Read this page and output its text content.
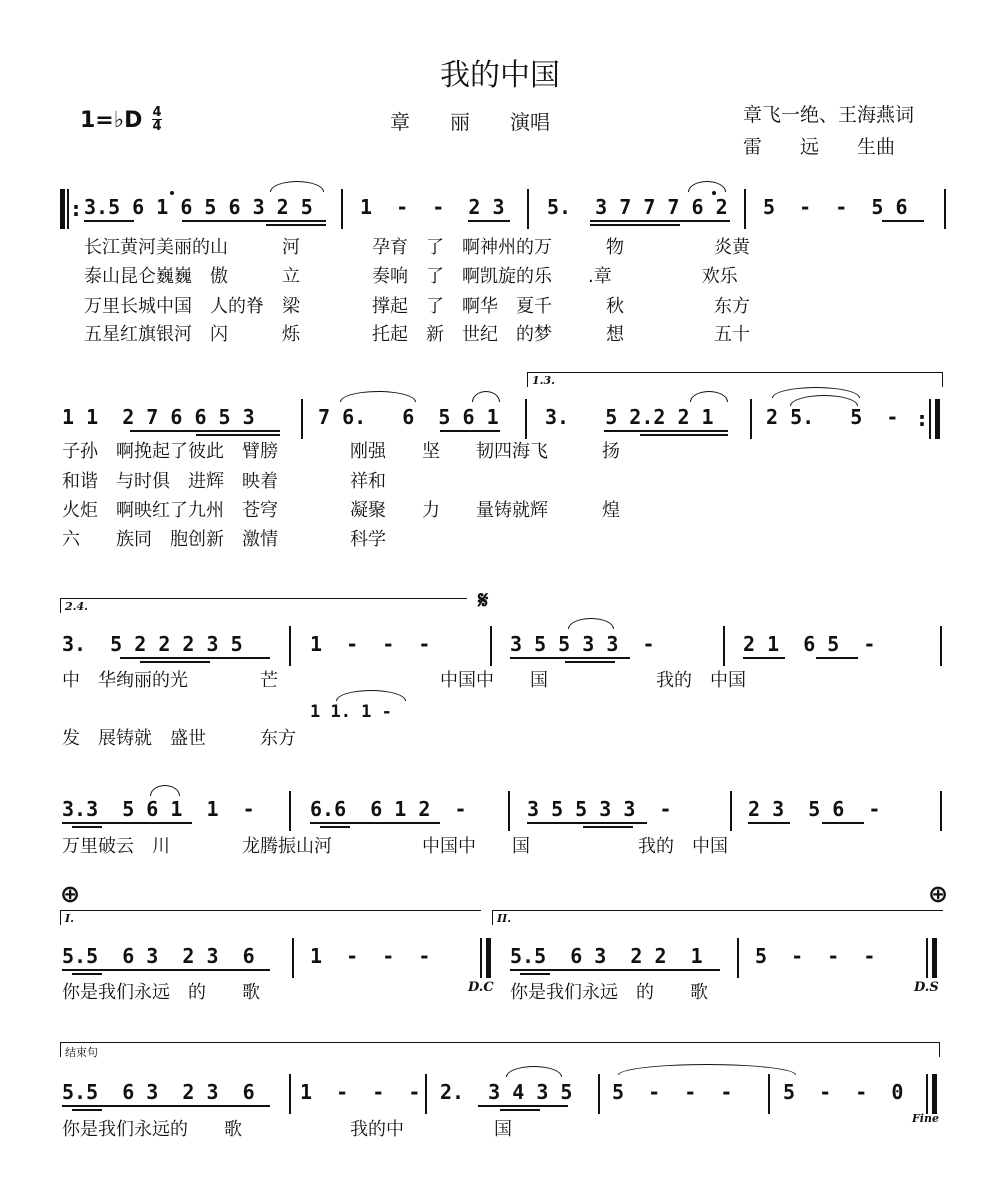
我的中国
1=♭D 4
4	章　　丽　　演唱	章飞一绝、王海燕词
雷　　远　　生曲
: 3.5 6 1 6 5 6 3 2 5 1  -  -  2 3 5.  3 7 7 7 6 2 5  -  -  5 6
长江黄河美丽的山　　　河　　　　孕育　了　啊神州的万　　　物　　　　　炎黄
泰山昆仑巍巍　傲　　　立　　　　奏响　了　啊凯旋的乐　　.章　　　　　欢乐
万里长城中国　人的脊　梁　　　　撑起　了　啊华　夏千　　　秋　　　　　东方
五星红旗银河　闪　　　烁　　　　托起　新　世纪　的梦　　　想　　　　　五十
1.3.
1 1  2 7 6 6 5 3	7 6.   6  5 6 1 3.   5 2.2 2 1	2 5.   5  - :
子孙　啊挽起了彼此　臂膀　　　　刚强　　坚　　韧四海飞　　　扬
和谐　与时俱　进辉　映着　　　　祥和
火炬　啊映红了九州　苍穹　　　　凝聚　　力　　量铸就辉　　　煌
六　　族同　胞创新　激情　　　　科学
2.4.	𝄋
3.  5 2 2 2 3 5	1  -  -  -	3 5 5 3 3  -	2 1  6 5  -
中　华绚丽的光　　　　芒　　　　　　　　　中国中　　国　　　　　　我的　中国
1 1. 1 -
发　展铸就　盛世　　　东方
3.3  5 6 1  1  -	6.6  6 1 2  -	3 5 5 3 3  -	2 3  5 6  -
万里破云　川　　　　龙腾振山河　　　　　中国中　　国　　　　　　我的　中国
⊕	⊕
I.	II.
5.5  6 3  2 3  6	1  -  -  -	5.5  6 3  2 2  1	5  -  -  -
D.C	D.S
你是我们永远　的　　歌	你是我们永远　的　　歌
结束句
5.5  6 3  2 3  6 1  -  -  - 2.  3 4 3 5 5  -  -  -	5  -  -  0
Fine
你是我们永远的　　歌　　　　　　我的中　　　　　国
